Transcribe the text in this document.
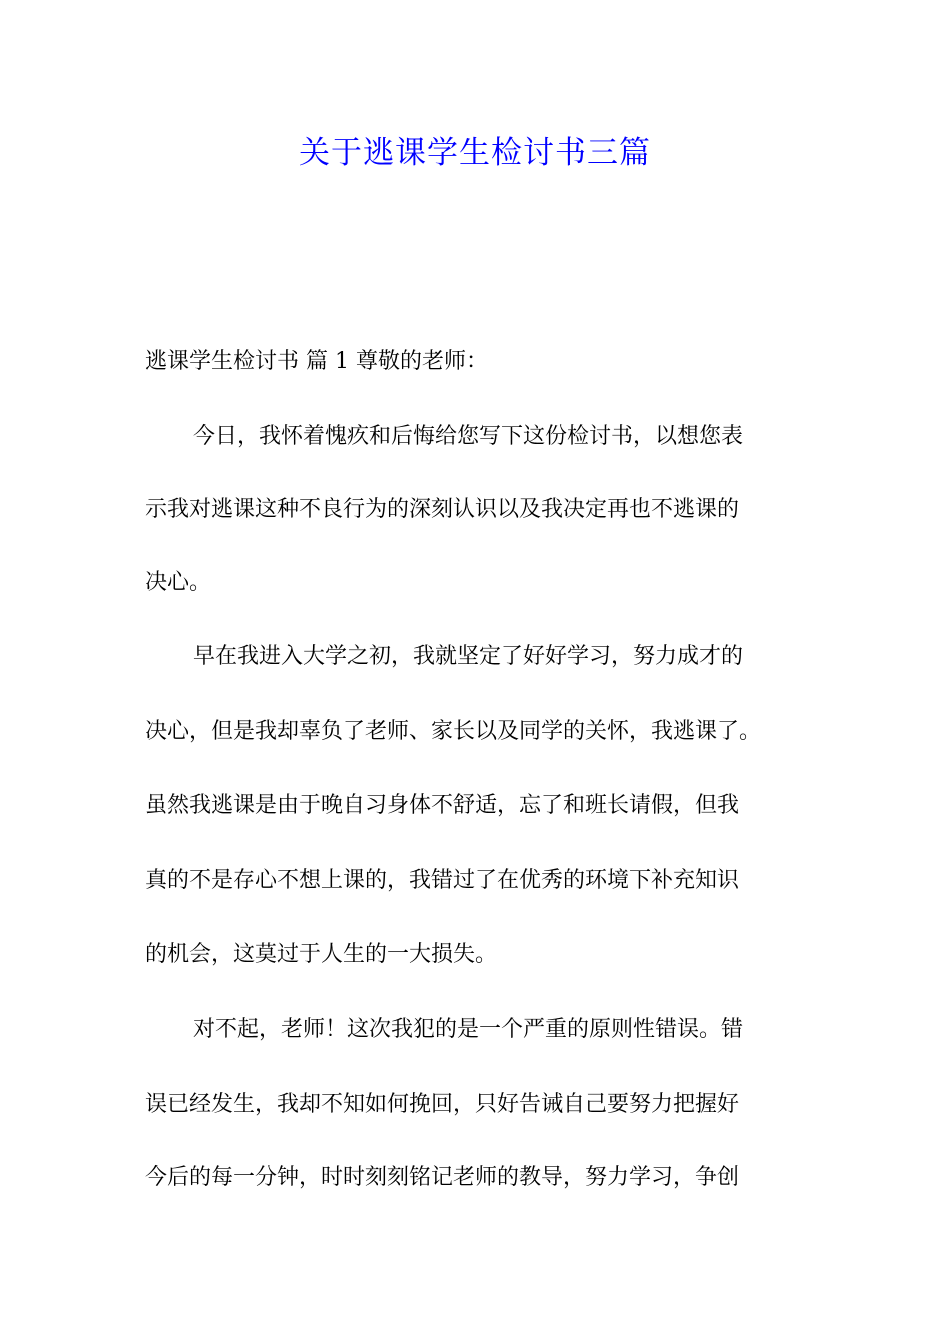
关于逃课学生检讨书三篇

逃课学生检讨书 篇 1 尊敬的老师：

今日，我怀着愧疚和后悔给您写下这份检讨书，以想您表

示我对逃课这种不良行为的深刻认识以及我决定再也不逃课的

决心。

早在我进入大学之初，我就坚定了好好学习，努力成才的

决心，但是我却辜负了老师、家长以及同学的关怀，我逃课了。

虽然我逃课是由于晚自习身体不舒适，忘了和班长请假，但我

真的不是存心不想上课的，我错过了在优秀的环境下补充知识

的机会，这莫过于人生的一大损失。

对不起，老师！这次我犯的是一个严重的原则性错误。错

误已经发生，我却不知如何挽回，只好告诫自己要努力把握好

今后的每一分钟，时时刻刻铭记老师的教导，努力学习，争创
